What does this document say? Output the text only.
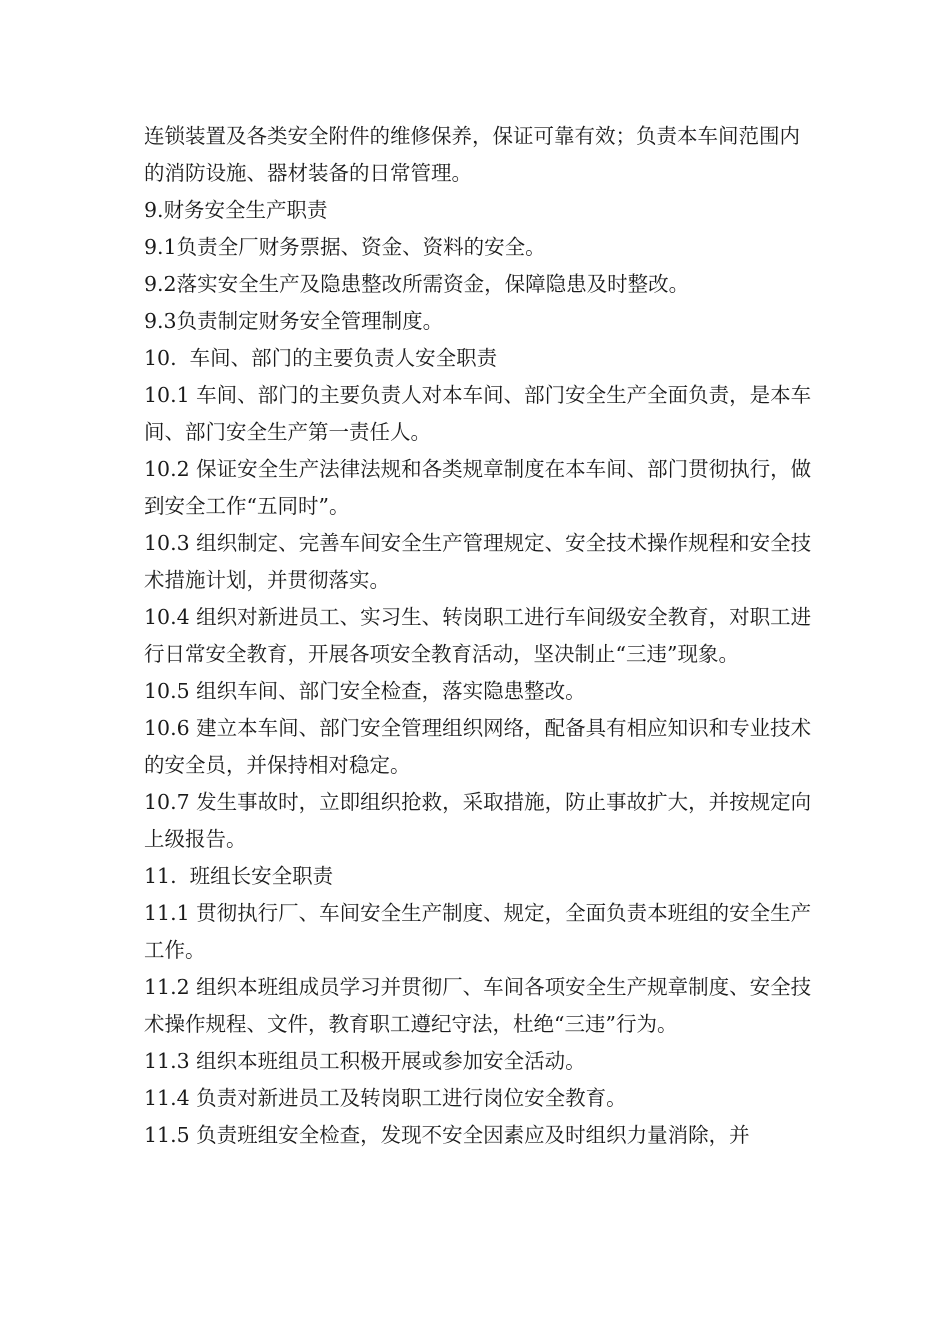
连锁装置及各类安全附件的维修保养，保证可靠有效；负责本车间范围内的消防设施、器材装备的日常管理。

9.财务安全生产职责

9.1负责全厂财务票据、资金、资料的安全。

9.2落实安全生产及隐患整改所需资金，保障隐患及时整改。

9.3负责制定财务安全管理制度。

10.  车间、部门的主要负责人安全职责

10.1 车间、部门的主要负责人对本车间、部门安全生产全面负责，是本车间、部门安全生产第一责任人。

10.2 保证安全生产法律法规和各类规章制度在本车间、部门贯彻执行，做到安全工作“五同时”。

10.3 组织制定、完善车间安全生产管理规定、安全技术操作规程和安全技术措施计划，并贯彻落实。

10.4 组织对新进员工、实习生、转岗职工进行车间级安全教育，对职工进行日常安全教育，开展各项安全教育活动，坚决制止“三违”现象。

10.5 组织车间、部门安全检查，落实隐患整改。

10.6 建立本车间、部门安全管理组织网络，配备具有相应知识和专业技术的安全员，并保持相对稳定。

10.7 发生事故时，立即组织抢救，采取措施，防止事故扩大，并按规定向上级报告。

11.  班组长安全职责

11.1 贯彻执行厂、车间安全生产制度、规定，全面负责本班组的安全生产工作。

11.2 组织本班组成员学习并贯彻厂、车间各项安全生产规章制度、安全技术操作规程、文件，教育职工遵纪守法，杜绝“三违”行为。

11.3 组织本班组员工积极开展或参加安全活动。

11.4 负责对新进员工及转岗职工进行岗位安全教育。

11.5 负责班组安全检查，发现不安全因素应及时组织力量消除，并
